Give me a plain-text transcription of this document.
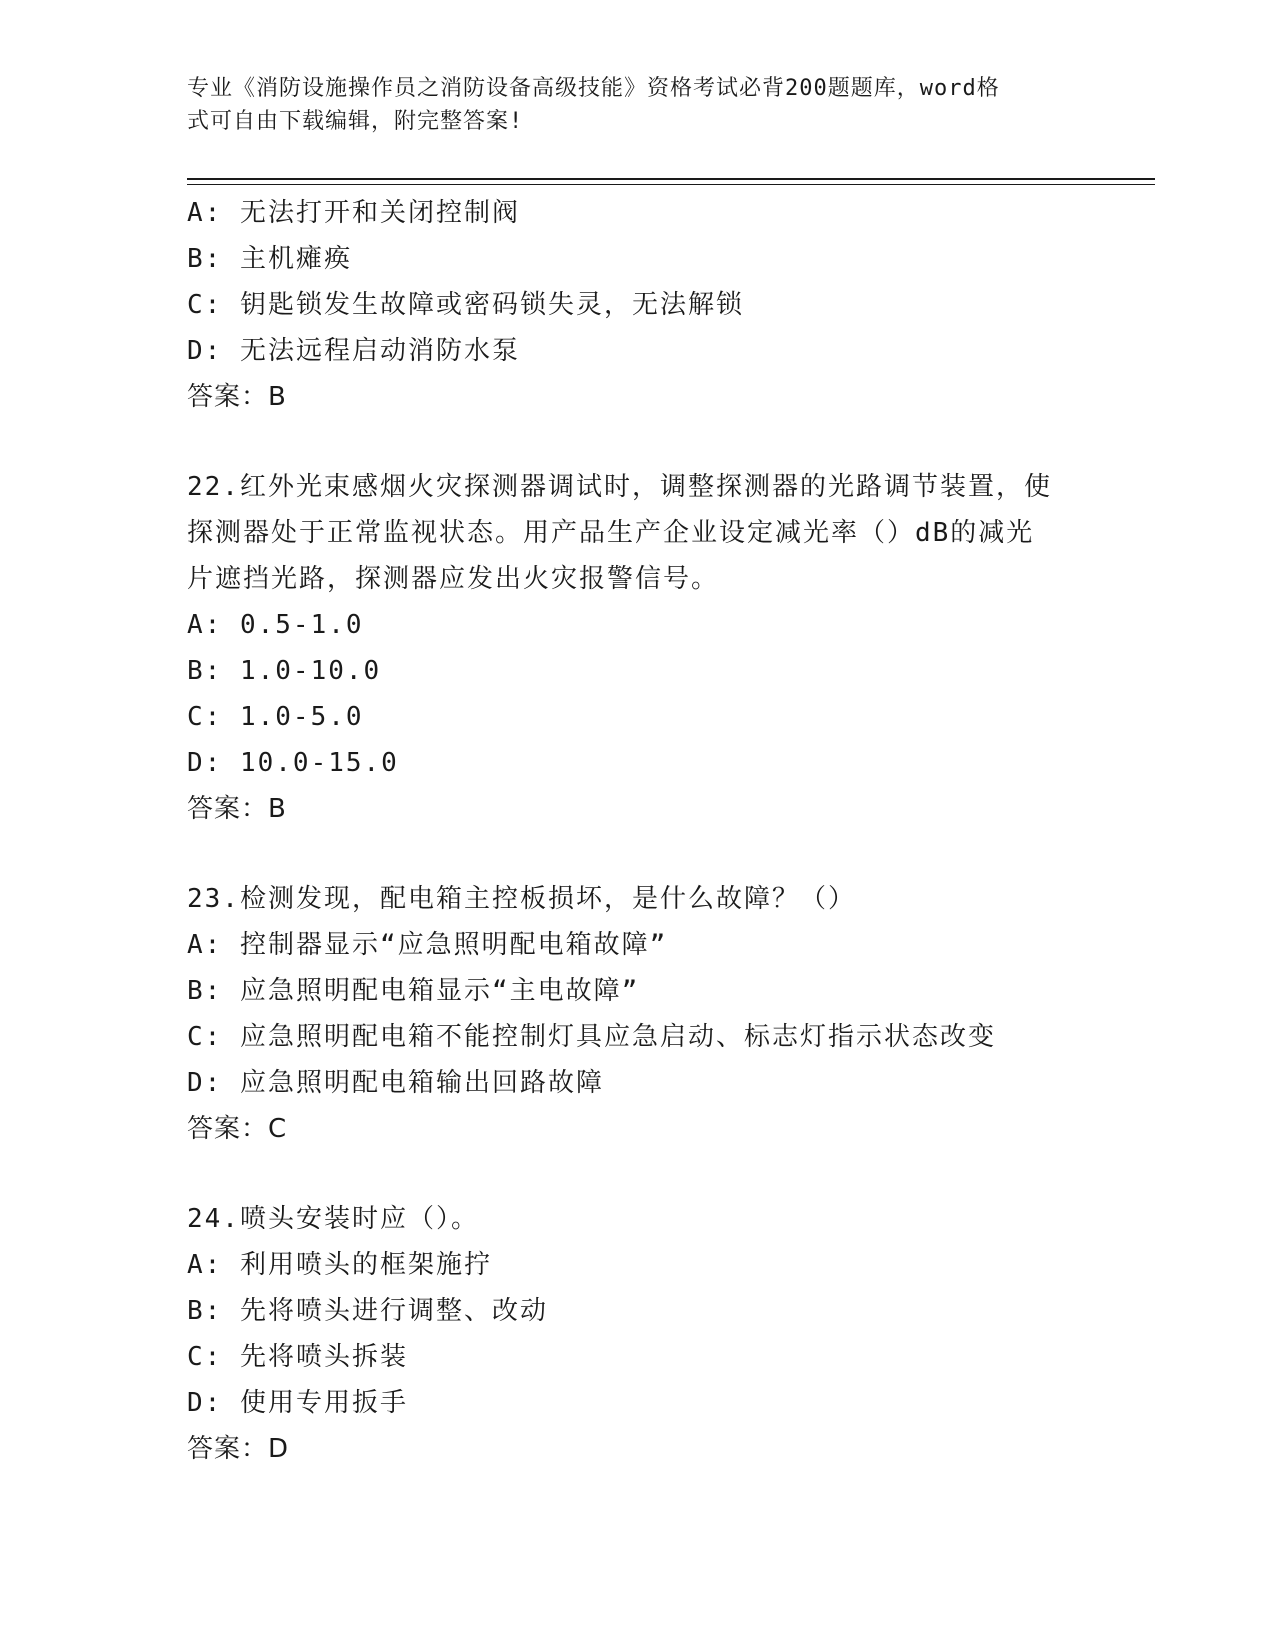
专业《消防设施操作员之消防设备高级技能》资格考试必背200题题库，word格
式可自由下载编辑，附完整答案!
A: 无法打开和关闭控制阀
B: 主机瘫痪
C: 钥匙锁发生故障或密码锁失灵，无法解锁
D: 无法远程启动消防水泵
答案：B
22.红外光束感烟火灾探测器调试时，调整探测器的光路调节装置，使
探测器处于正常监视状态。用产品生产企业设定减光率（）dB的减光
片遮挡光路，探测器应发出火灾报警信号。
A: 0.5-1.0
B: 1.0-10.0
C: 1.0-5.0
D: 10.0-15.0
答案：B
23.检测发现，配电箱主控板损坏，是什么故障？（）
A: 控制器显示“应急照明配电箱故障”
B: 应急照明配电箱显示“主电故障”
C: 应急照明配电箱不能控制灯具应急启动、标志灯指示状态改变
D: 应急照明配电箱输出回路故障
答案：C
24.喷头安装时应（）。
A: 利用喷头的框架施拧
B: 先将喷头进行调整、改动
C: 先将喷头拆装
D: 使用专用扳手
答案：D
